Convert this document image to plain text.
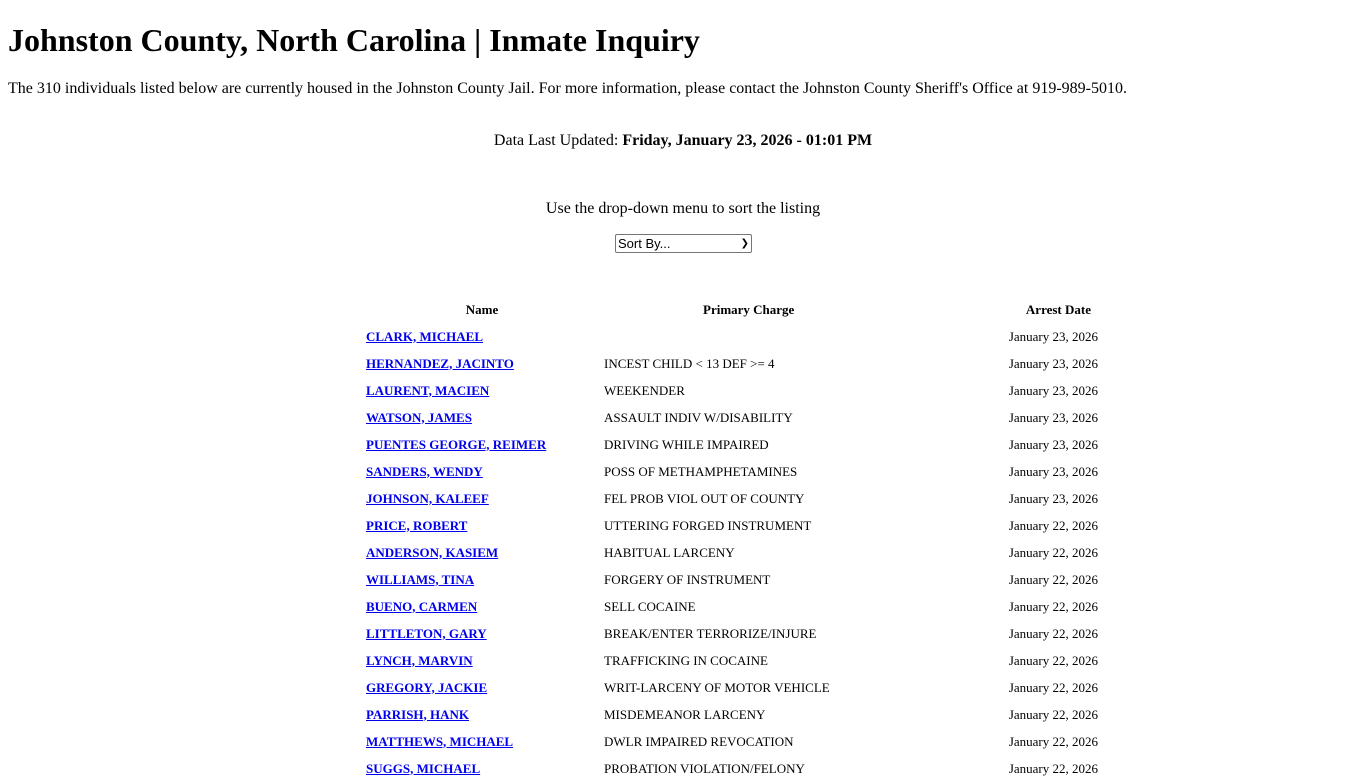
Johnston County, North Carolina | Inmate Inquiry

The 310 individuals listed below are currently housed in the Johnston County Jail. For more information, please contact the Johnston County Sheriff's Office at 919-989-5010.

Data Last Updated: Friday, January 23, 2026 - 01:01 PM
Use the drop-down menu to sort the listing
Sort By...	❯
Name	Primary Charge	Arrest Date
CLARK, MICHAEL		January 23, 2026
HERNANDEZ, JACINTO	INCEST CHILD < 13 DEF >= 4	January 23, 2026
LAURENT, MACIEN	WEEKENDER	January 23, 2026
WATSON, JAMES	ASSAULT INDIV W/DISABILITY	January 23, 2026
PUENTES GEORGE, REIMER	DRIVING WHILE IMPAIRED	January 23, 2026
SANDERS, WENDY	POSS OF METHAMPHETAMINES	January 23, 2026
JOHNSON, KALEEF	FEL PROB VIOL OUT OF COUNTY	January 23, 2026
PRICE, ROBERT	UTTERING FORGED INSTRUMENT	January 22, 2026
ANDERSON, KASIEM	HABITUAL LARCENY	January 22, 2026
WILLIAMS, TINA	FORGERY OF INSTRUMENT	January 22, 2026
BUENO, CARMEN	SELL COCAINE	January 22, 2026
LITTLETON, GARY	BREAK/ENTER TERRORIZE/INJURE	January 22, 2026
LYNCH, MARVIN	TRAFFICKING IN COCAINE	January 22, 2026
GREGORY, JACKIE	WRIT-LARCENY OF MOTOR VEHICLE	January 22, 2026
PARRISH, HANK	MISDEMEANOR LARCENY	January 22, 2026
MATTHEWS, MICHAEL	DWLR IMPAIRED REVOCATION	January 22, 2026
SUGGS, MICHAEL	PROBATION VIOLATION/FELONY	January 22, 2026
